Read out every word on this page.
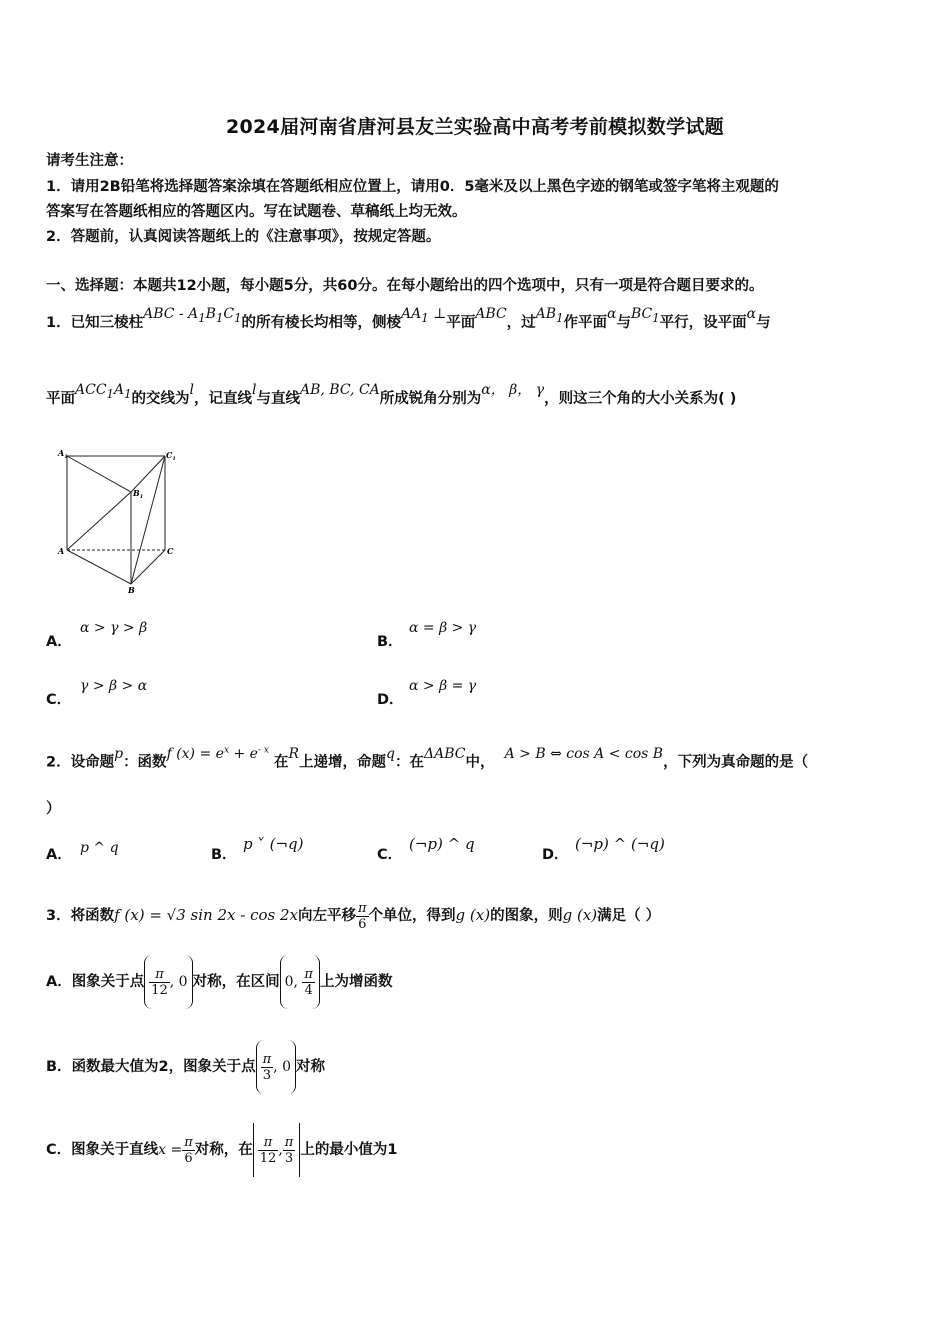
2024届河南省唐河县友兰实验高中高考考前模拟数学试题
请考生注意：
1．请用2B铅笔将选择题答案涂填在答题纸相应位置上，请用0．5毫米及以上黑色字迹的钢笔或签字笔将主观题的
答案写在答题纸相应的答题区内。写在试题卷、草稿纸上均无效。
2．答题前，认真阅读答题纸上的《注意事项》，按规定答题。
一、选择题：本题共12小题，每小题5分，共60分。在每小题给出的四个选项中，只有一项是符合题目要求的。
1．已知三棱柱ABC - $A_1B_1C_1$的所有棱长均相等，侧棱$AA_1$ ⊥平面ABC，过$AB_1$作平面α与$BC_1$平行，设平面α与
平面$ACC_1A_1$的交线为l，记直线l与直线AB, BC, CA所成锐角分别为α， β， γ，则这三个角的大小关系为( )
$A_1$	$C_1$
$B_1$
A	C
B
A．
α > γ > β
B．
α = β > γ
C．
γ > β > α
D．
α > β = γ
2．设命题p：函数f $(x) = e^x + e^{- x}$ 在R上递增，命题q：在ΔABC中，  A > B ⇔ cos A < cos B，下列为真命题的是（
）
A． p ^ q	B．
p ˅ (¬q)
C．
(¬p) ^ q
D．
(¬p) ^ (¬q)
3．将函数f (x) = √3 sin 2x - cos 2x向左平移 $\frac{\pi}{6}$ 个单位，得到g (x)的图象，则g (x)满足（ ）
A．图象关于点 $\frac{\pi}{12}$ , 0 对称，在区间 0, $\frac{\pi}{4}$ 上为增函数
B．函数最大值为2，图象关于点 $\frac{\pi}{3}$ , 0 对称
C．图象关于直线$x = \frac{\pi}{6}$ 对称，在 $\frac{\pi}{12}$ , $\frac{\pi}{3}$ 上的最小值为1
